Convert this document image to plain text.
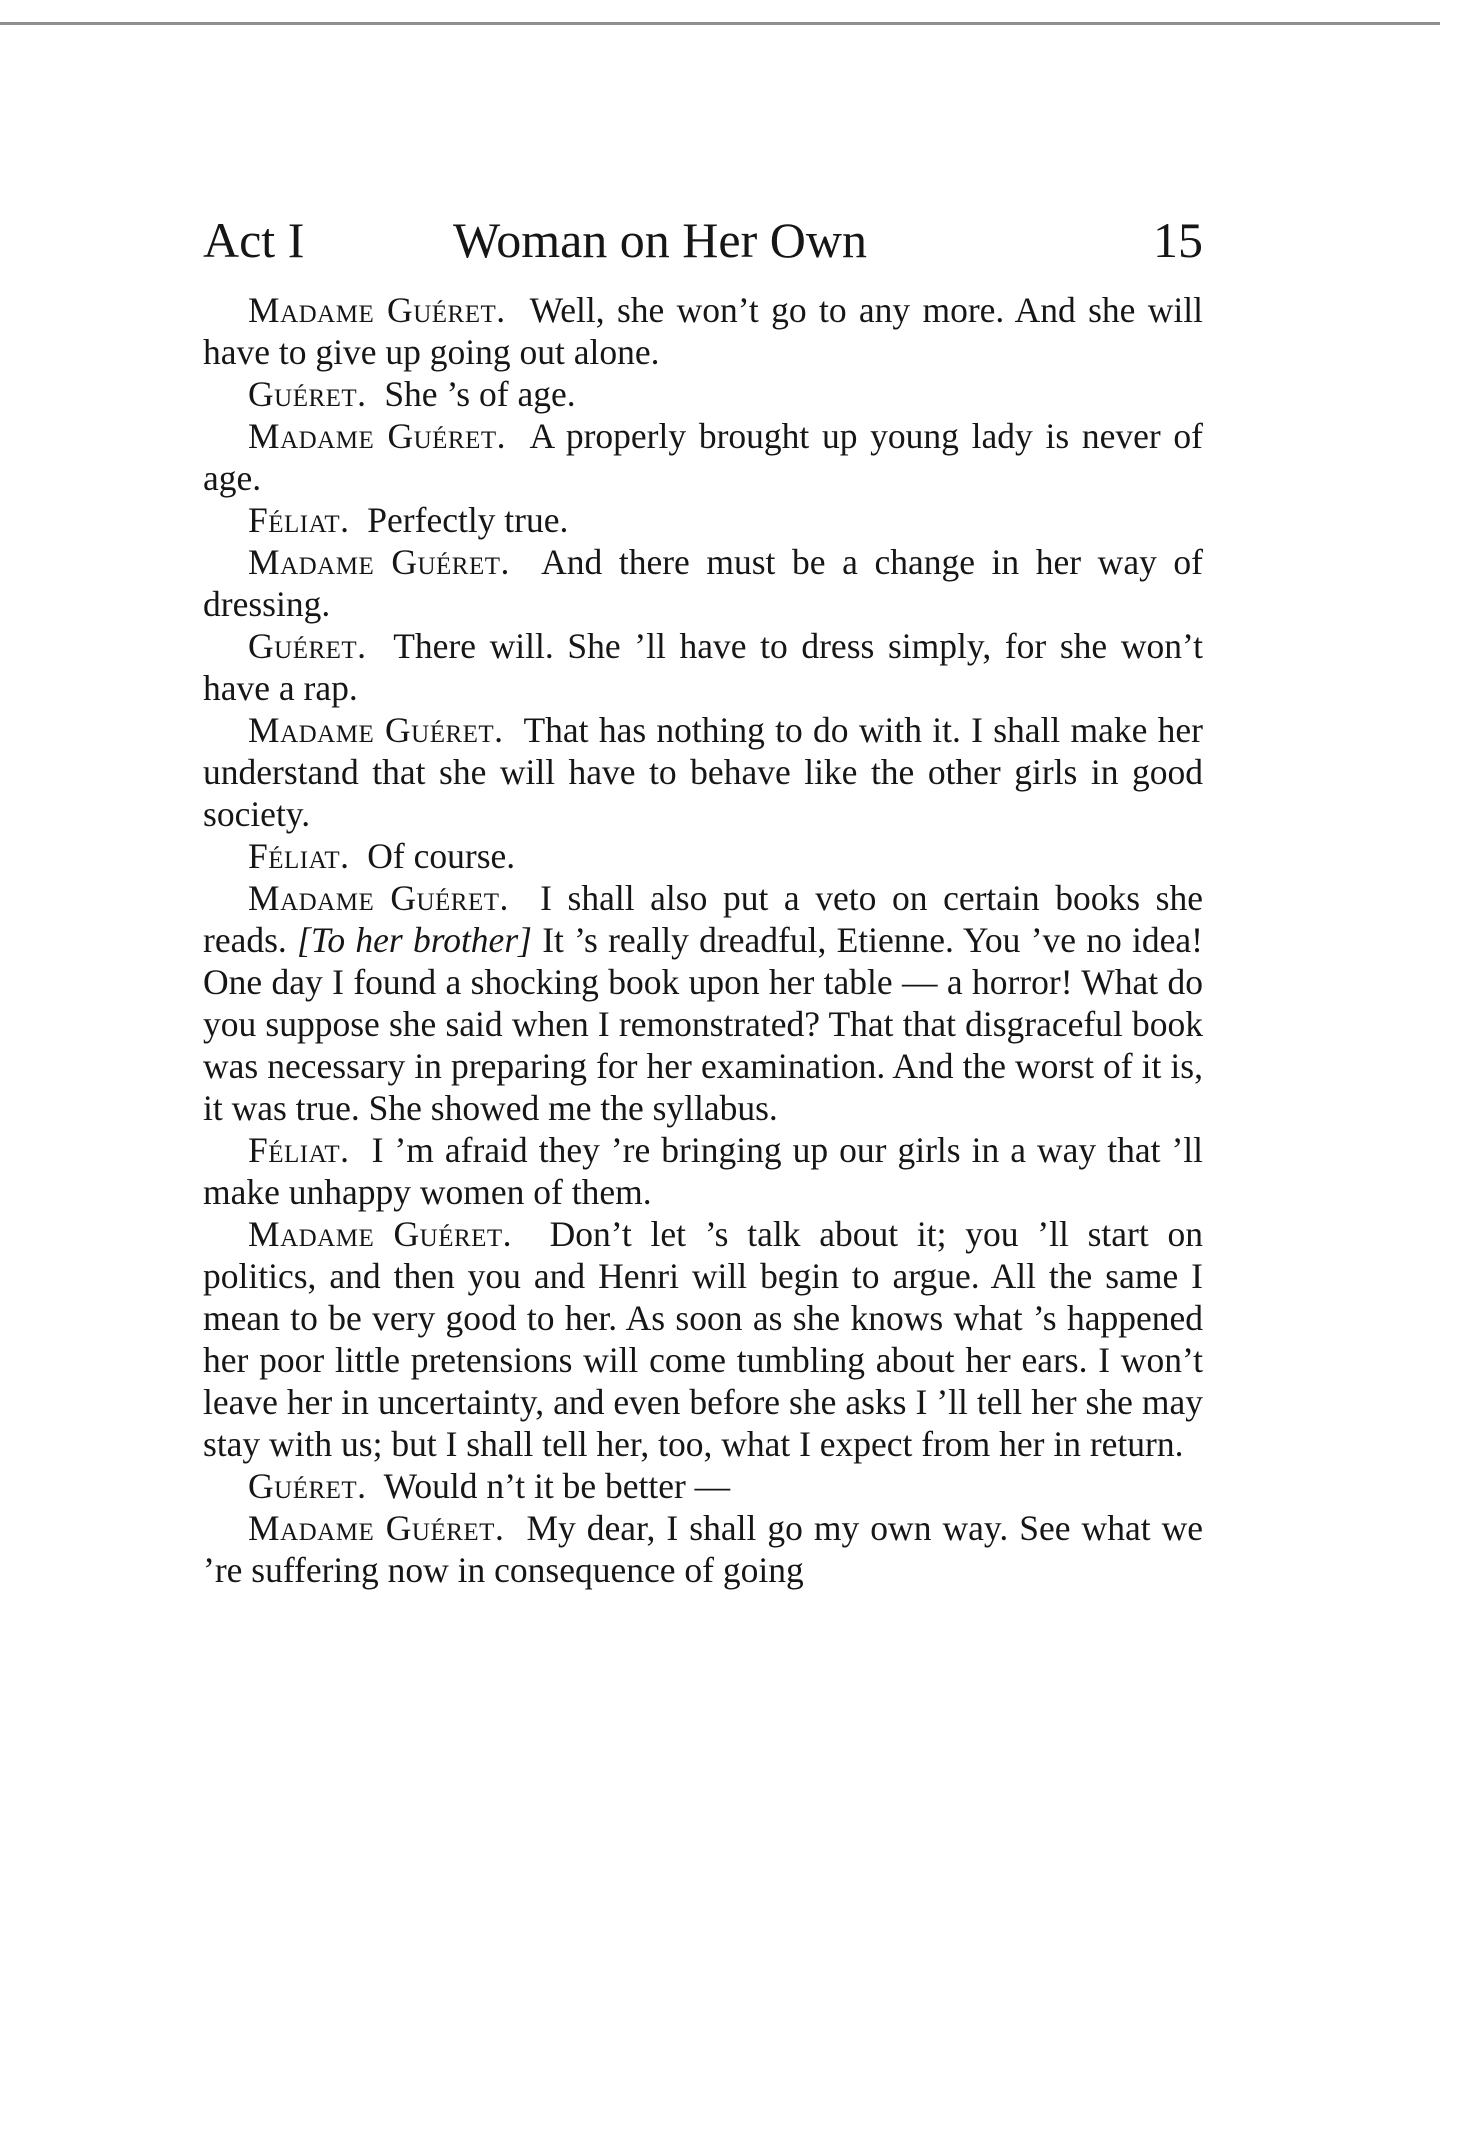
Act I	Woman on Her Own	15

Madame Guéret. Well, she won’t go to any more. And she will have to give up going out alone.

Guéret. She ’s of age.

Madame Guéret. A properly brought up young lady is never of age.

Féliat. Perfectly true.

Madame Guéret. And there must be a change in her way of dressing.

Guéret. There will. She ’ll have to dress simply, for she won’t have a rap.

Madame Guéret. That has nothing to do with it. I shall make her understand that she will have to behave like the other girls in good society.

Féliat. Of course.

Madame Guéret. I shall also put a veto on certain books she reads. [To her brother] It ’s really dreadful, Etienne. You ’ve no idea! One day I found a shocking book upon her table — a horror! What do you suppose she said when I remonstrated? That that disgraceful book was necessary in preparing for her examination. And the worst of it is, it was true. She showed me the syllabus.

Féliat. I ’m afraid they ’re bringing up our girls in a way that ’ll make unhappy women of them.

Madame Guéret. Don’t let ’s talk about it; you ’ll start on politics, and then you and Henri will begin to argue. All the same I mean to be very good to her. As soon as she knows what ’s happened her poor little pretensions will come tumbling about her ears. I won’t leave her in uncertainty, and even before she asks I ’ll tell her she may stay with us; but I shall tell her, too, what I expect from her in return.

Guéret. Would n’t it be better —

Madame Guéret. My dear, I shall go my own way. See what we ’re suffering now in consequence of going
